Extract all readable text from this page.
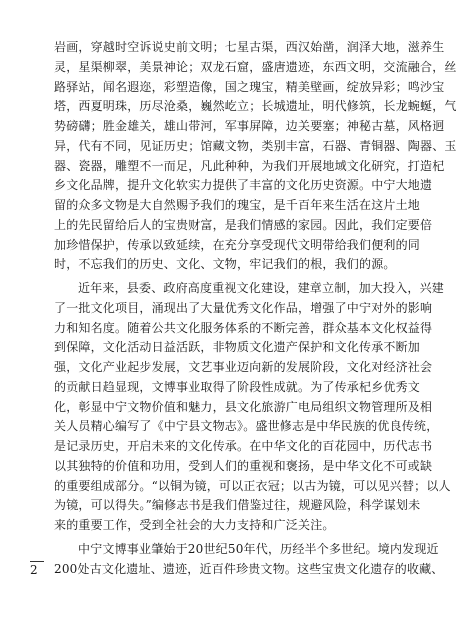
岩画，穿越时空诉说史前文明；七星古渠，西汉始凿，润泽大地，滋养生

灵，星渠柳翠，美景神论；双龙石窟，盛唐遗迹，东西文明，交流融合，丝

路驿站，闻名遐迩，彩塑造像，国之瑰宝，精美壁画，绽放异彩；鸣沙宝

塔，西夏明珠，历尽沧桑，巍然屹立；长城遗址，明代修筑，长龙蜿蜒，气

势磅礴；胜金雄关，雄山带河，军事屏障，边关要塞；神秘古墓，风格迥

异，代有不同，见证历史；馆藏文物，类别丰富，石器、青铜器、陶器、玉

器、瓷器，雕塑不一而足，凡此种种，为我们开展地域文化研究，打造杞

乡文化品牌，提升文化软实力提供了丰富的文化历史资源。中宁大地遗

留的众多文物是大自然赐予我们的瑰宝，是千百年来生活在这片土地

上的先民留给后人的宝贵财富，是我们情感的家园。因此，我们定要倍

加珍惜保护，传承以致延续，在充分享受现代文明带给我们便利的同

时，不忘我们的历史、文化、文物，牢记我们的根，我们的源。

近年来，县委、政府高度重视文化建设，建章立制，加大投入，兴建

了一批文化项目，涌现出了大量优秀文化作品，增强了中宁对外的影响

力和知名度。随着公共文化服务体系的不断完善，群众基本文化权益得

到保障，文化活动日益活跃，非物质文化遗产保护和文化传承不断加

强，文化产业起步发展，文艺事业迈向新的发展阶段，文化对经济社会

的贡献日趋显现，文博事业取得了阶段性成就。为了传承杞乡优秀文

化，彰显中宁文物价值和魅力，县文化旅游广电局组织文物管理所及相

关人员精心编写了《中宁县文物志》。盛世修志是中华民族的优良传统，

是记录历史，开启未来的文化传承。在中华文化的百花园中，历代志书

以其独特的价值和功用，受到人们的重视和褒扬，是中华文化不可或缺

的重要组成部分。“以铜为镜，可以正衣冠；以古为镜，可以见兴替；以人

为镜，可以得失。”编修志书是我们借鉴过往，规避风险，科学谋划未

来的重要工作，受到全社会的大力支持和广泛关注。

中宁文博事业肇始于20世纪50年代，历经半个多世纪。境内发现近

200处古文化遗址、遗迹，近百件珍贵文物。这些宝贵文化遗存的收藏、

2
